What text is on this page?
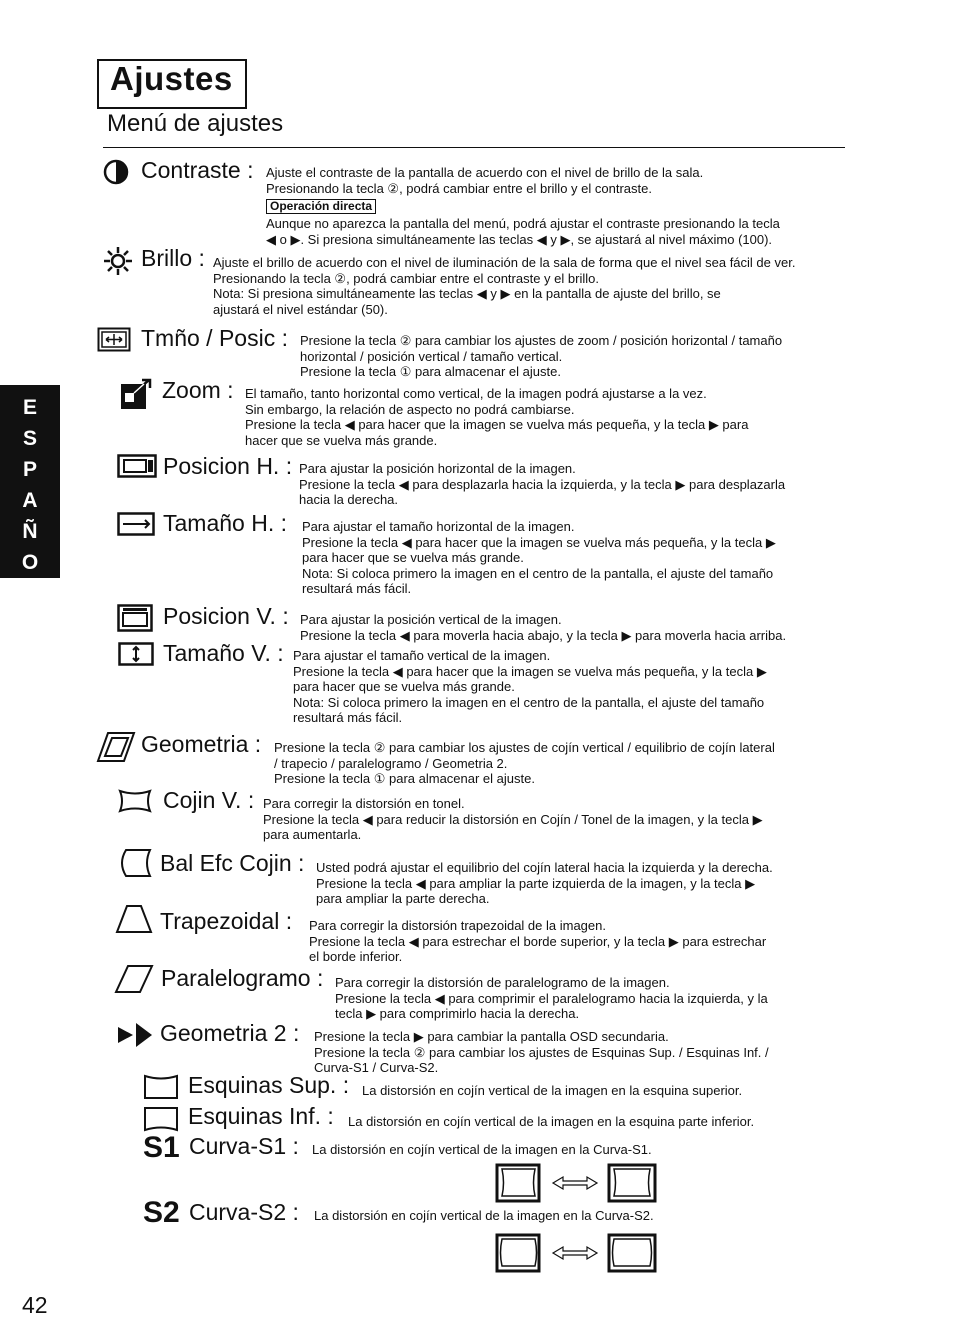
Ajustes
Menú de ajustes
E
S
P
A
Ñ
O
L
Contraste : Ajuste el contraste de la pantalla de acuerdo con el nivel de brillo de la sala.
Presionando la tecla ②, podrá cambiar entre el brillo y el contraste.
Operación directa
Aunque no aparezca la pantalla del menú, podrá ajustar el contraste presionando la tecla
◀ o ▶. Si presiona simultáneamente las teclas ◀ y ▶, se ajustará al nivel máximo (100).
Brillo : Ajuste el brillo de acuerdo con el nivel de iluminación de la sala de forma que el nivel sea fácil de ver.
Presionando la tecla ②, podrá cambiar entre el contraste y el brillo.
Nota: Si presiona simultáneamente las teclas ◀ y ▶ en la pantalla de ajuste del brillo, se
ajustará el nivel estándar (50).
Tmño / Posic : Presione la tecla ② para cambiar los ajustes de zoom / posición horizontal / tamaño
horizontal / posición vertical / tamaño vertical.
Presione la tecla ① para almacenar el ajuste.
Zoom : El tamaño, tanto horizontal como vertical, de la imagen podrá ajustarse a la vez.
Sin embargo, la relación de aspecto no podrá cambiarse.
Presione la tecla ◀ para hacer que la imagen se vuelva más pequeña, y la tecla ▶ para
hacer que se vuelva más grande.
Posicion H. : Para ajustar la posición horizontal de la imagen.
Presione la tecla ◀ para desplazarla hacia la izquierda, y la tecla ▶ para desplazarla
hacia la derecha.
Tamaño H. : Para ajustar el tamaño horizontal de la imagen.
Presione la tecla ◀ para hacer que la imagen se vuelva más pequeña, y la tecla ▶
para hacer que se vuelva más grande.
Nota: Si coloca primero la imagen en el centro de la pantalla, el ajuste del tamaño
resultará más fácil.
Posicion V. : Para ajustar la posición vertical de la imagen.
Presione la tecla ◀ para moverla hacia abajo, y la tecla ▶ para moverla hacia arriba.
Tamaño V. : Para ajustar el tamaño vertical de la imagen.
Presione la tecla ◀ para hacer que la imagen se vuelva más pequeña, y la tecla ▶
para hacer que se vuelva más grande.
Nota: Si coloca primero la imagen en el centro de la pantalla, el ajuste del tamaño
resultará más fácil.
Geometria : Presione la tecla ② para cambiar los ajustes de cojín vertical / equilibrio de cojín lateral
/ trapecio / paralelogramo / Geometria 2.
Presione la tecla ① para almacenar el ajuste.
Cojin V. : Para corregir la distorsión en tonel.
Presione la tecla ◀ para reducir la distorsión en Cojín / Tonel de la imagen, y la tecla ▶
para aumentarla.
Bal Efc Cojin : Usted podrá ajustar el equilibrio del cojín lateral hacia la izquierda y la derecha.
Presione la tecla ◀ para ampliar la parte izquierda de la imagen, y la tecla ▶
para ampliar la parte derecha.
Trapezoidal : Para corregir la distorsión trapezoidal de la imagen.
Presione la tecla ◀ para estrechar el borde superior, y la tecla ▶ para estrechar
el borde inferior.
Paralelogramo : Para corregir la distorsión de paralelogramo de la imagen.
Presione la tecla ◀ para comprimir el paralelogramo hacia la izquierda, y la
tecla ▶ para comprimirlo hacia la derecha.
Geometria 2 : Presione la tecla ▶ para cambiar la pantalla OSD secundaria.
Presione la tecla ② para cambiar los ajustes de Esquinas Sup. / Esquinas Inf. /
Curva-S1 / Curva-S2.
Esquinas Sup. : La distorsión en cojín vertical de la imagen en la esquina superior.
Esquinas Inf. : La distorsión en cojín vertical de la imagen en la esquina parte inferior.
S1 Curva-S1 : La distorsión en cojín vertical de la imagen en la Curva-S1.
S2 Curva-S2 : La distorsión en cojín vertical de la imagen en la Curva-S2.
42
